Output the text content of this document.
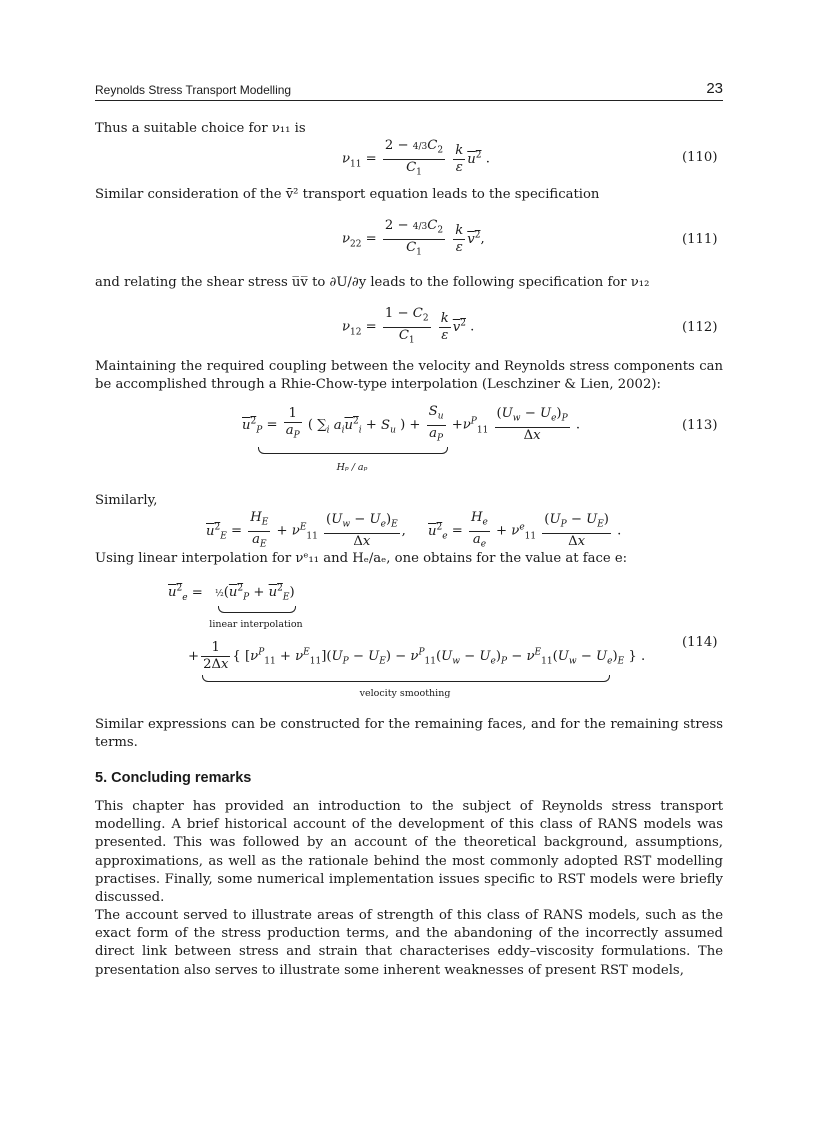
Reynolds Stress Transport Modelling	23
Thus a suitable choice for ν₁₁ is
$\nu_{11} = \frac{2 - 4/3C_2}{C_1}$
$\frac{k}{\varepsilon} u^2$ .	(110)
Similar consideration of the v̄² transport equation leads to the specification
$\nu_{22} = \frac{2 - 4/3C_2}{C_1}$
$\frac{k}{\varepsilon} v^2$,	(111)
and relating the shear stress u̅v̅ to ∂U/∂y leads to the following specification for ν₁₂
$\nu_{12} = \frac{1 - C_2}{C_1}$
$\frac{k}{\varepsilon} v^2$ .	(112)
Maintaining the required coupling between the velocity and Reynolds stress components can be accomplished through a Rhie-Chow-type interpolation (Leschziner & Lien, 2002):
$u^2_P = \frac{1}{a_P}$ ( $\sum_i$ $a_iu^2_i + S_u$ ) + $\frac{S_u}{a_P} +\nu^P_{11} \frac{(U_w - U_e)_P}{\Delta x}$ .
Hₚ / aₚ
(113)
Similarly,
$u^2_E = \frac{H_E}{a_E} + \nu^E_{11} \frac{(U_w - U_e)_E}{\Delta x}$ , $u^2_e = \frac{H_e}{a_e} + \nu^e_{11} \frac{(U_P - U_E)}{\Delta x}$ .
Using linear interpolation for νᵉ₁₁ and Hₑ/aₑ, one obtains for the value at face e:
$u^2_e$ = $\frac{1}{2}(u^2_P + u^2_E)$
linear interpolation
+ $\frac{1}{2\Delta x}$ { $[\nu^P_{11} + \nu^E_{11}](U_P - U_E) - \nu^P_{11}(U_w - U_e)_P - \nu^E_{11}(U_w - U_e)_E$ } .
velocity smoothing
(114)
Similar expressions can be constructed for the remaining faces, and for the remaining stress terms.
5. Concluding remarks
This chapter has provided an introduction to the subject of Reynolds stress transport modelling. A brief historical account of the development of this class of RANS models was presented. This was followed by an account of the theoretical background, assumptions, approximations, as well as the rationale behind the most commonly adopted RST modelling practises. Finally, some numerical implementation issues specific to RST models were briefly discussed.
The account served to illustrate areas of strength of this class of RANS models, such as the exact form of the stress production terms, and the abandoning of the incorrectly assumed direct link between stress and strain that characterises eddy–viscosity formulations. The presentation also serves to illustrate some inherent weaknesses of present RST models,
